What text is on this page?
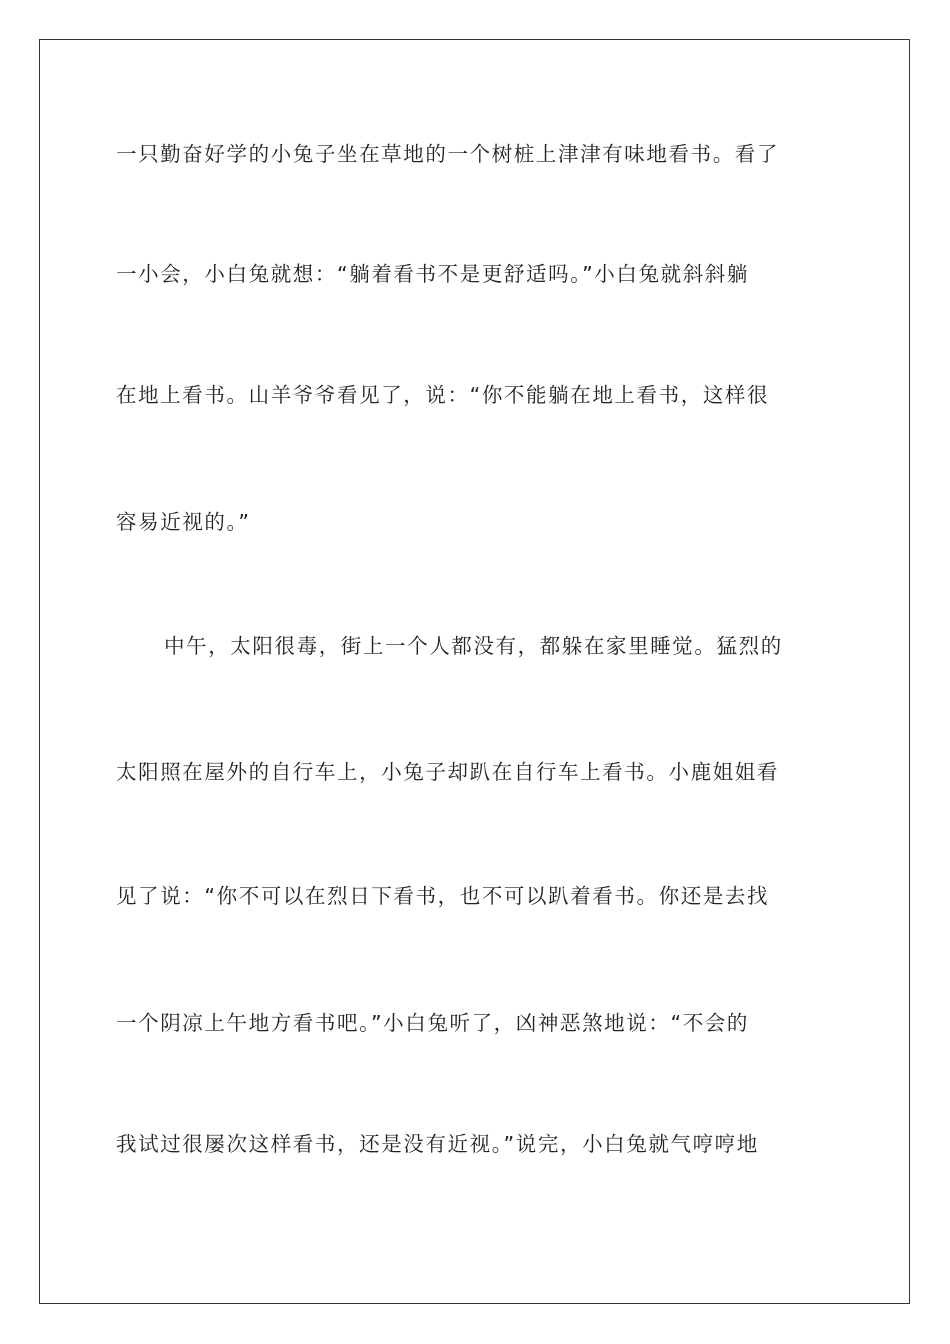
一只勤奋好学的小兔子坐在草地的一个树桩上津津有味地看书。看了
一小会，小白兔就想：“躺着看书不是更舒适吗。”小白兔就斜斜躺
在地上看书。山羊爷爷看见了，说：“你不能躺在地上看书，这样很
容易近视的。”
中午，太阳很毒，街上一个人都没有，都躲在家里睡觉。猛烈的
太阳照在屋外的自行车上，小兔子却趴在自行车上看书。小鹿姐姐看
见了说：“你不可以在烈日下看书，也不可以趴着看书。你还是去找
一个阴凉上午地方看书吧。”小白兔听了，凶神恶煞地说：“不会的
我试过很屡次这样看书，还是没有近视。”说完，小白兔就气哼哼地
